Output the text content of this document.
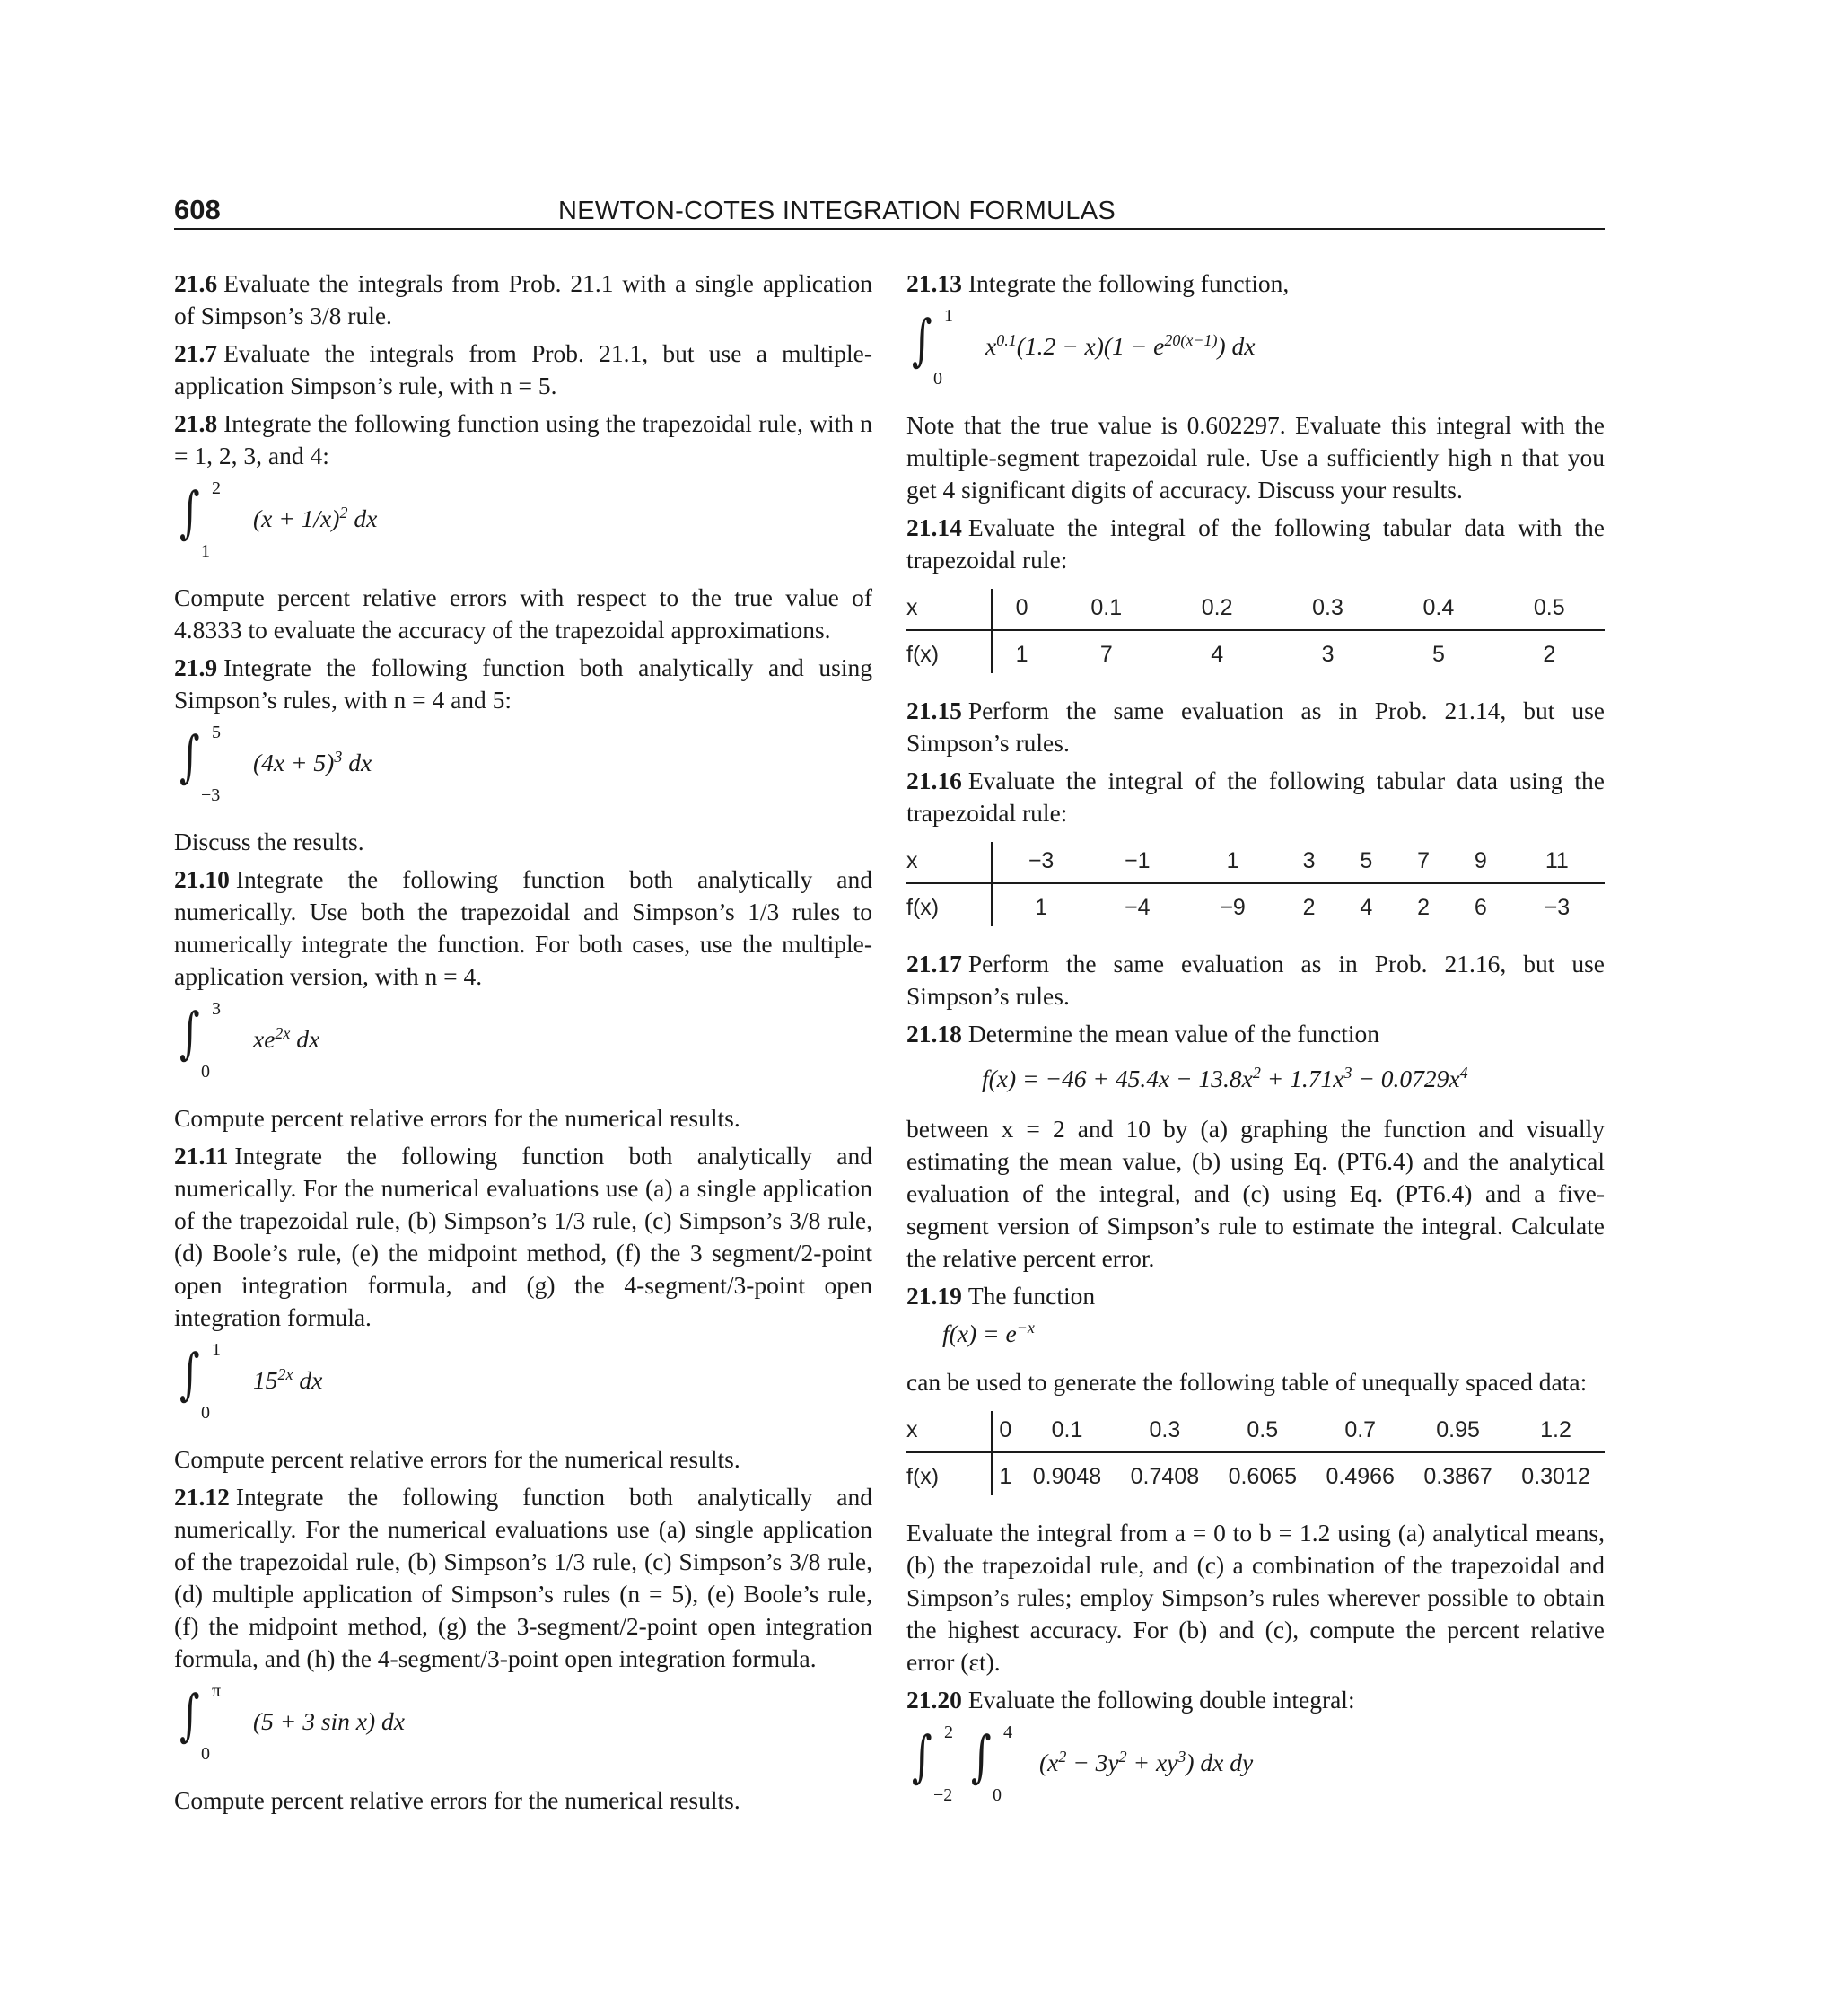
608	NEWTON-COTES INTEGRATION FORMULAS

21.6 Evaluate the integrals from Prob. 21.1 with a single application of Simpson’s 3/8 rule.

21.7 Evaluate the integrals from Prob. 21.1, but use a multiple-application Simpson’s rule, with n = 5.

21.8 Integrate the following function using the trapezoidal rule, with n = 1, 2, 3, and 4:

∫ 2
1
$(x + 1/x)^2$ dx

Compute percent relative errors with respect to the true value of 4.8333 to evaluate the accuracy of the trapezoidal approximations.

21.9 Integrate the following function both analytically and using Simpson’s rules, with n = 4 and 5:

∫ 5
−3
$(4x + 5)^3$ dx

Discuss the results.

21.10 Integrate the following function both analytically and numerically. Use both the trapezoidal and Simpson’s 1/3 rules to numerically integrate the function. For both cases, use the multiple-application version, with n = 4.

∫ 3
0
$xe^{2x}$ dx

Compute percent relative errors for the numerical results.

21.11 Integrate the following function both analytically and numerically. For the numerical evaluations use (a) a single application of the trapezoidal rule, (b) Simpson’s 1/3 rule, (c) Simpson’s 3/8 rule, (d) Boole’s rule, (e) the midpoint method, (f) the 3 segment/2-point open integration formula, and (g) the 4-segment/3-point open integration formula.

∫ 1
0
$15^{2x}$ dx

Compute percent relative errors for the numerical results.

21.12 Integrate the following function both analytically and numerically. For the numerical evaluations use (a) single application of the trapezoidal rule, (b) Simpson’s 1/3 rule, (c) Simpson’s 3/8 rule, (d) multiple application of Simpson’s rules (n = 5), (e) Boole’s rule, (f) the midpoint method, (g) the 3-segment/2-point open integration formula, and (h) the 4-segment/3-point open integration formula.

∫ π
0
(5 + 3 sin x) dx

Compute percent relative errors for the numerical results.

21.13 Integrate the following function,

∫ 1
0
$x^{0.1}(1.2 - x)(1 - e^{20(x-1)})$ dx

Note that the true value is 0.602297. Evaluate this integral with the multiple-segment trapezoidal rule. Use a sufficiently high n that you get 4 significant digits of accuracy. Discuss your results.

21.14 Evaluate the integral of the following tabular data with the trapezoidal rule:

x	0	0.1	0.2	0.3	0.4	0.5
f(x)	1	7	4	3	5	2

21.15 Perform the same evaluation as in Prob. 21.14, but use Simpson’s rules.

21.16 Evaluate the integral of the following tabular data using the trapezoidal rule:

x	−3	−1	1	3	5	7	9	11
f(x)	1	−4	−9	2	4	2	6	−3

21.17 Perform the same evaluation as in Prob. 21.16, but use Simpson’s rules.

21.18 Determine the mean value of the function

$f(x) = -46 + 45.4x - 13.8x^2 + 1.71x^3 - 0.0729x^4$

between x = 2 and 10 by (a) graphing the function and visually estimating the mean value, (b) using Eq. (PT6.4) and the analytical evaluation of the integral, and (c) using Eq. (PT6.4) and a five-segment version of Simpson’s rule to estimate the integral. Calculate the relative percent error.

21.19 The function

$f(x) = e^{-x}$

can be used to generate the following table of unequally spaced data:

x	0	0.1	0.3	0.5	0.7	0.95	1.2
f(x)	1	0.9048	0.7408	0.6065	0.4966	0.3867	0.3012

Evaluate the integral from a = 0 to b = 1.2 using (a) analytical means, (b) the trapezoidal rule, and (c) a combination of the trapezoidal and Simpson’s rules; employ Simpson’s rules wherever possible to obtain the highest accuracy. For (b) and (c), compute the percent relative error (εt).

21.20 Evaluate the following double integral:

∫ 2
−2
∫ 4
0
$(x^2 - 3y^2 + xy^3)$ dx dy
